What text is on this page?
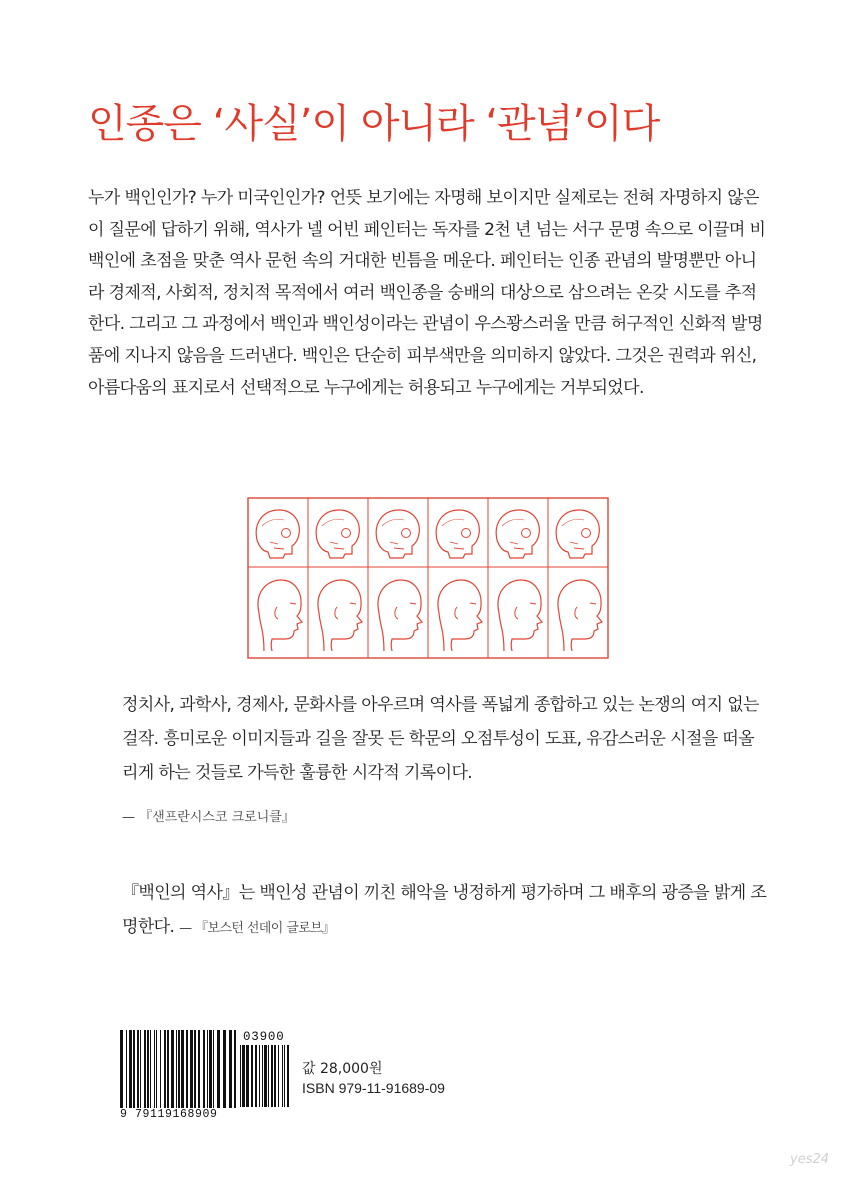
인종은 ‘사실’이 아니라 ‘관념’이다

누가 백인인가? 누가 미국인인가? 언뜻 보기에는 자명해 보이지만 실제로는 전혀 자명하지 않은 이 질문에 답하기 위해, 역사가 넬 어빈 페인터는 독자를 2천 년 넘는 서구 문명 속으로 이끌며 비백인에 초점을 맞춘 역사 문헌 속의 거대한 빈틈을 메운다. 페인터는 인종 관념의 발명뿐만 아니라 경제적, 사회적, 정치적 목적에서 여러 백인종을 숭배의 대상으로 삼으려는 온갖 시도를 추적한다. 그리고 그 과정에서 백인과 백인성이라는 관념이 우스꽝스러울 만큼 허구적인 신화적 발명품에 지나지 않음을 드러낸다. 백인은 단순히 피부색만을 의미하지 않았다. 그것은 권력과 위신, 아름다움의 표지로서 선택적으로 누구에게는 허용되고 누구에게는 거부되었다.

정치사, 과학사, 경제사, 문화사를 아우르며 역사를 폭넓게 종합하고 있는 논쟁의 여지 없는 걸작. 흥미로운 이미지들과 길을 잘못 든 학문의 오점투성이 도표, 유감스러운 시절을 떠올리게 하는 것들로 가득한 훌륭한 시각적 기록이다.

— 『샌프란시스코 크로니클』

『백인의 역사』는 백인성 관념이 끼친 해악을 냉정하게 평가하며 그 배후의 광증을 밝게 조명한다. — 『보스턴 선데이 글로브』

9 79119168909
03900
값 28,000원
ISBN 979-11-91689-09
yes24
